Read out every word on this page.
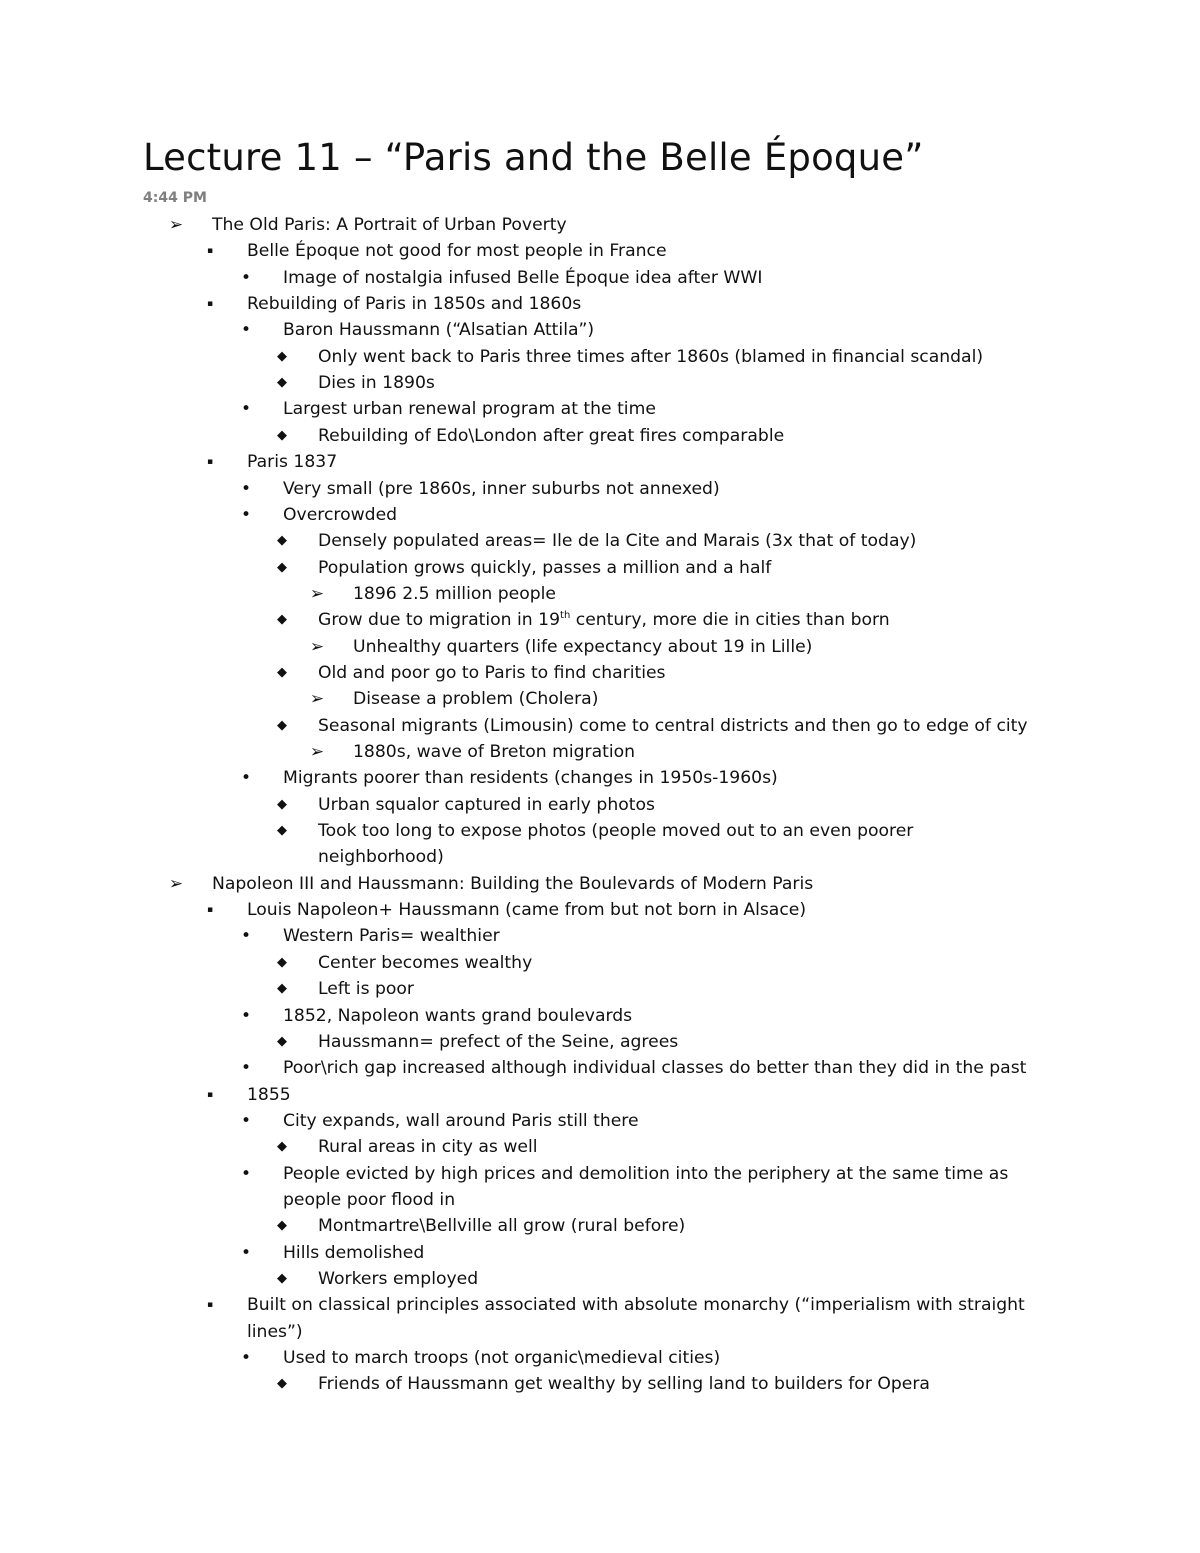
Lecture 11 – “Paris and the Belle Époque”
4:44 PM
➢ The Old Paris: A Portrait of Urban Poverty
▪	Belle Époque not good for most people in France
• Image of nostalgia infused Belle Époque idea after WWI
▪	Rebuilding of Paris in 1850s and 1860s
• Baron Haussmann (“Alsatian Attila”)
◆ Only went back to Paris three times after 1860s (blamed in financial scandal)
◆ Dies in 1890s
• Largest urban renewal program at the time
◆ Rebuilding of Edo\London after great fires comparable
▪	Paris 1837
• Very small (pre 1860s, inner suburbs not annexed)
• Overcrowded
◆ Densely populated areas= Ile de la Cite and Marais (3x that of today)
◆ Population grows quickly, passes a million and a half
➢ 1896 2.5 million people
◆ Grow due to migration in 19th century, more die in cities than born
➢ Unhealthy quarters (life expectancy about 19 in Lille)
◆ Old and poor go to Paris to find charities
➢ Disease a problem (Cholera)
◆ Seasonal migrants (Limousin) come to central districts and then go to edge of city
➢ 1880s, wave of Breton migration
• Migrants poorer than residents (changes in 1950s-1960s)
◆ Urban squalor captured in early photos
◆ Took too long to expose photos (people moved out to an even poorer
neighborhood)
➢ Napoleon III and Haussmann: Building the Boulevards of Modern Paris
▪	Louis Napoleon+ Haussmann (came from but not born in Alsace)
• Western Paris= wealthier
◆ Center becomes wealthy
◆ Left is poor
• 1852, Napoleon wants grand boulevards
◆ Haussmann= prefect of the Seine, agrees
• Poor\rich gap increased although individual classes do better than they did in the past
▪	1855
• City expands, wall around Paris still there
◆ Rural areas in city as well
• People evicted by high prices and demolition into the periphery at the same time as
people poor flood in
◆ Montmartre\Bellville all grow (rural before)
• Hills demolished
◆ Workers employed
▪	Built on classical principles associated with absolute monarchy (“imperialism with straight
lines”)
• Used to march troops (not organic\medieval cities)
◆ Friends of Haussmann get wealthy by selling land to builders for Opera
